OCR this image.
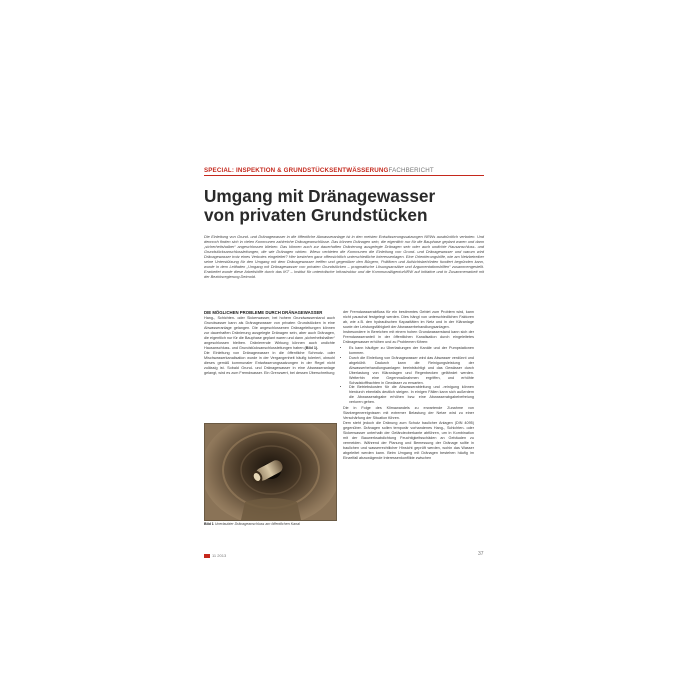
SPECIAL: INSPEKTION & GRUNDSTÜCKSENTWÄSSERUNGFACHBERICHT
Umgang mit Dränagewasser
von privaten Grundstücken

Die Einleitung von Grund- und Dränagewasser in die öffentliche Abwasseranlage ist in den meisten Entwässerungssatzungen NRWs ausdrücklich verboten. Und dennoch finden sich in vielen Kommunen zahlreiche Dränageanschlüsse. Das können Dränagen sein, die eigentlich nur für die Bauphase geplant waren und dann „sicherheitshalber“ angeschlossen blieben. Das können auch zur dauerhaften Dränierung ausgelegte Dränagen sein oder auch undichte Hausanschluss- und Grundstücksanschlussleitungen, die wie Dränagen wirken. Wieso verbieten die Kommunen die Einleitung von Grund- und Dränagewasser und warum wird Dränagewasser trotz eines Verbotes eingeleitet? Hier bestehen ganz offensichtlich unterschiedliche Interessenlagen. Eine Orientierungshilfe, wie am Netzbetreiber seine Unterstützung für den Umgang mit dem Dränagewasser treffen und gegenüber den Bürgern, Politikern und Aufsichtsbehörden fundiert begründen kann, wurde in dem Leitfaden „Umgang mit Dränagewasser von privaten Grundstücken – pragmatische Lösungsansätze und Argumentationshilfen“ zusammengestellt. Erarbeitet wurde diese Arbeitshilfe durch das IKT – Institut für unterirdische Infrastruktur und die KommunalAgenturNRW auf Initiative und in Zusammenarbeit mit der Bezirksregierung Detmold.

DIE MÖGLICHEN PROBLEME DURCH DRÄNAGEWASSER

Hang-, Schichten- oder Sickerwasser, bei hohem Grundwasserstand auch Grundwasser kann als Dränagewasser von privaten Grundstücken in eine Abwasseranlage gelangen. Die angeschlossenen Dränageleitungen können zur dauerhaften Dränierung ausgelegte Dränagen sein, aber auch Dränagen, die eigentlich nur für die Bauphase geplant waren und dann „sicherheitshalber“ angeschlossen bleiben. Dränierende Wirkung können auch undichte Hausanschluss- und Grundstücksanschlussleitungen haben (Bild 1).

Die Einleitung von Dränagewasser in die öffentliche Schmutz- oder Mischwasserkanalisation wurde in der Vergangenheit häufig toleriert, obwohl dieses gemäß kommunaler Entwässerungssatzungen in der Regel nicht zulässig ist. Sobald Grund- und Dränagewasser in eine Abwasseranlage gelangt, wird es zum Fremdwasser. Ein Grenzwert, bei dessen Überschreitung

Bild 1 Unerlaubter Dränageanschluss am öffentlichen Kanal

der Fremdwasserabfluss für ein bestimmtes Gebiet zum Problem wird, kann nicht pauschal festgelegt werden. Dies hängt von unterschiedlichen Faktoren ab, wie z.B. den hydraulischen Kapazitäten im Netz und in der Kläranlage sowie der Leistungsfähigkeit der Abwasserbehandlungsanlagen.

Insbesondere in Bereichen mit einem hohen Grundwasserstand kann sich der Fremdwasseranteil in der öffentlichen Kanalisation durch eingeleitetes Dränagewasser erhöhen und zu Problemen führen:

• Es kann häufiger zu Überlastungen der Kanäle und der Pumpstationen kommen.
• Durch die Einleitung von Dränagewasser wird das Abwasser verdünnt und abgekühlt. Dadurch kann die Reinigungsleistung der Abwasserbehandlungsanlagen beeinträchtigt und das Gewässer durch Überlastung von Kläranlagen und Regenbecken gefährdet werden. Weiterhin eine Gegenmaßnahmen ergriffen, und erhöhte Schadstofffrachten in Gewässer zu erwarten.
• Die Betriebskosten für die Abwasserableitung und -reinigung können hierdurch ebenfalls deutlich steigen. In einigen Fällen kann sich außerdem die Abwasserabgabe erhöhen bzw. eine Abwasserabgabebefreiung verloren gehen.

Die in Folge des Klimawandels zu erwartende Zunahme von Starkregenereignissen mit extremer Belastung der Netze wird zu einer Verschärfung der Situation führen.

Dem steht jedoch die Dränung zum Schutz baulicher Anlagen (DIN 4095) gegenüber. Dränagen sollen temporär vorhandenes Hang-, Schichten- oder Sickerwasser unterhalb der Geländeoberkante abführen, um in Kombination mit der Bauwerksabdichtung Feuchtigkeitsschäden an Gebäuden zu vermeiden. Während der Planung und Bemessung der Dränage sollte in baulichen und wasserrechtlicher Hinsicht geprüft werden, wohin das Wasser abgeleitet werden kann. Beim Umgang mit Dränagen bestehen häufig im Einzelfall abzuwägende Interessenkonflikte zwischen

11 2013	37
